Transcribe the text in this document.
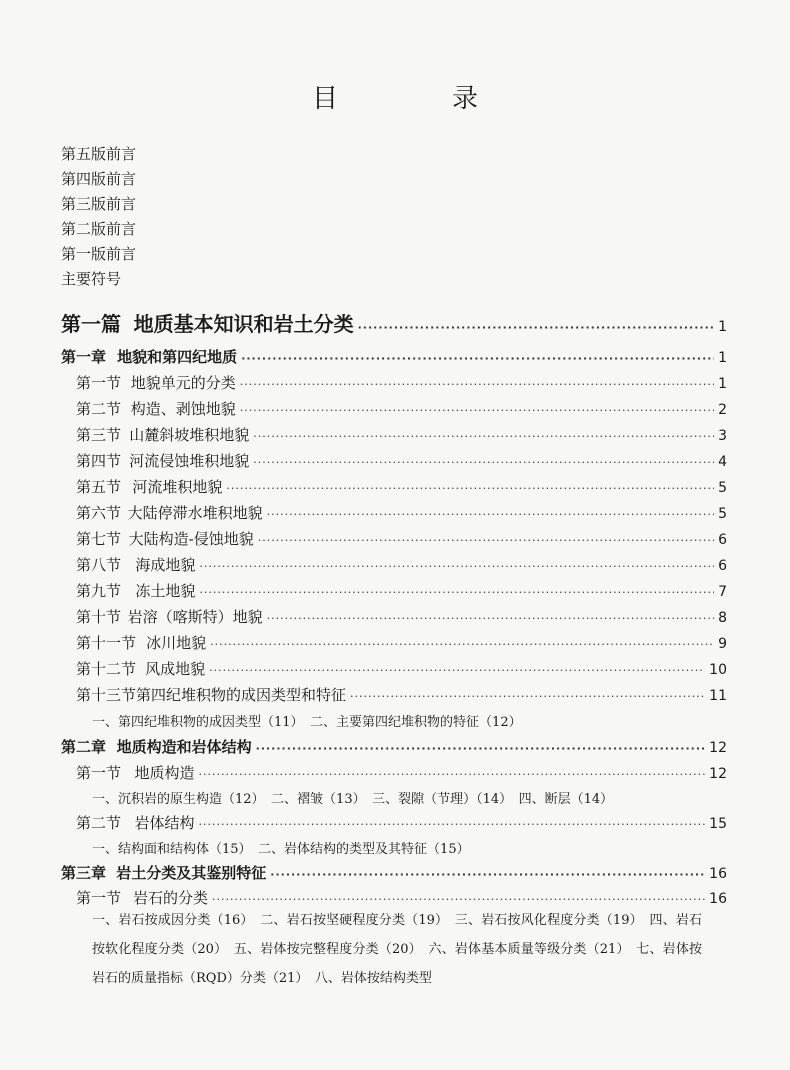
目　录
第五版前言
第四版前言
第三版前言
第二版前言
第一版前言
主要符号
第一篇 地质基本知识和岩土分类 ·····	1
第一章 地貌和第四纪地质 ·····	1
第一节 地貌单元的分类 ·····	1
第二节 构造、剥蚀地貌 ·····	2
第三节 山麓斜坡堆积地貌 ·····	3
第四节 河流侵蚀堆积地貌 ·····	4
第五节 河流堆积地貌 ·····	5
第六节 大陆停滞水堆积地貌 ·····	5
第七节 大陆构造-侵蚀地貌 ·····	6
第八节 海成地貌 ·····	6
第九节 冻土地貌 ·····	7
第十节 岩溶（喀斯特）地貌 ·····	8
第十一节 冰川地貌 ·····	9
第十二节 风成地貌 ·····	10
第十三节 第四纪堆积物的成因类型和特征 ·····	11
一、第四纪堆积物的成因类型（11）　二、主要第四纪堆积物的特征（12）
第二章 地质构造和岩体结构 ·····	12
第一节 地质构造 ·····	12
一、沉积岩的原生构造（12）　二、褶皱（13）　三、裂隙（节理）（14）　四、断层（14）
第二节 岩体结构 ·····	15
一、结构面和结构体（15）　二、岩体结构的类型及其特征（15）
第三章 岩土分类及其鉴别特征 ·····	16
第一节 岩石的分类 ·····	16
一、岩石按成因分类（16）　二、岩石按坚硬程度分类（19）　三、岩石按风化程度分类（19）　四、岩石按软化程度分类（20）　五、岩体按完整程度分类（20）　六、岩体基本质量等级分类（21）　七、岩体按岩石的质量指标（RQD）分类（21）　八、岩体按结构类型
